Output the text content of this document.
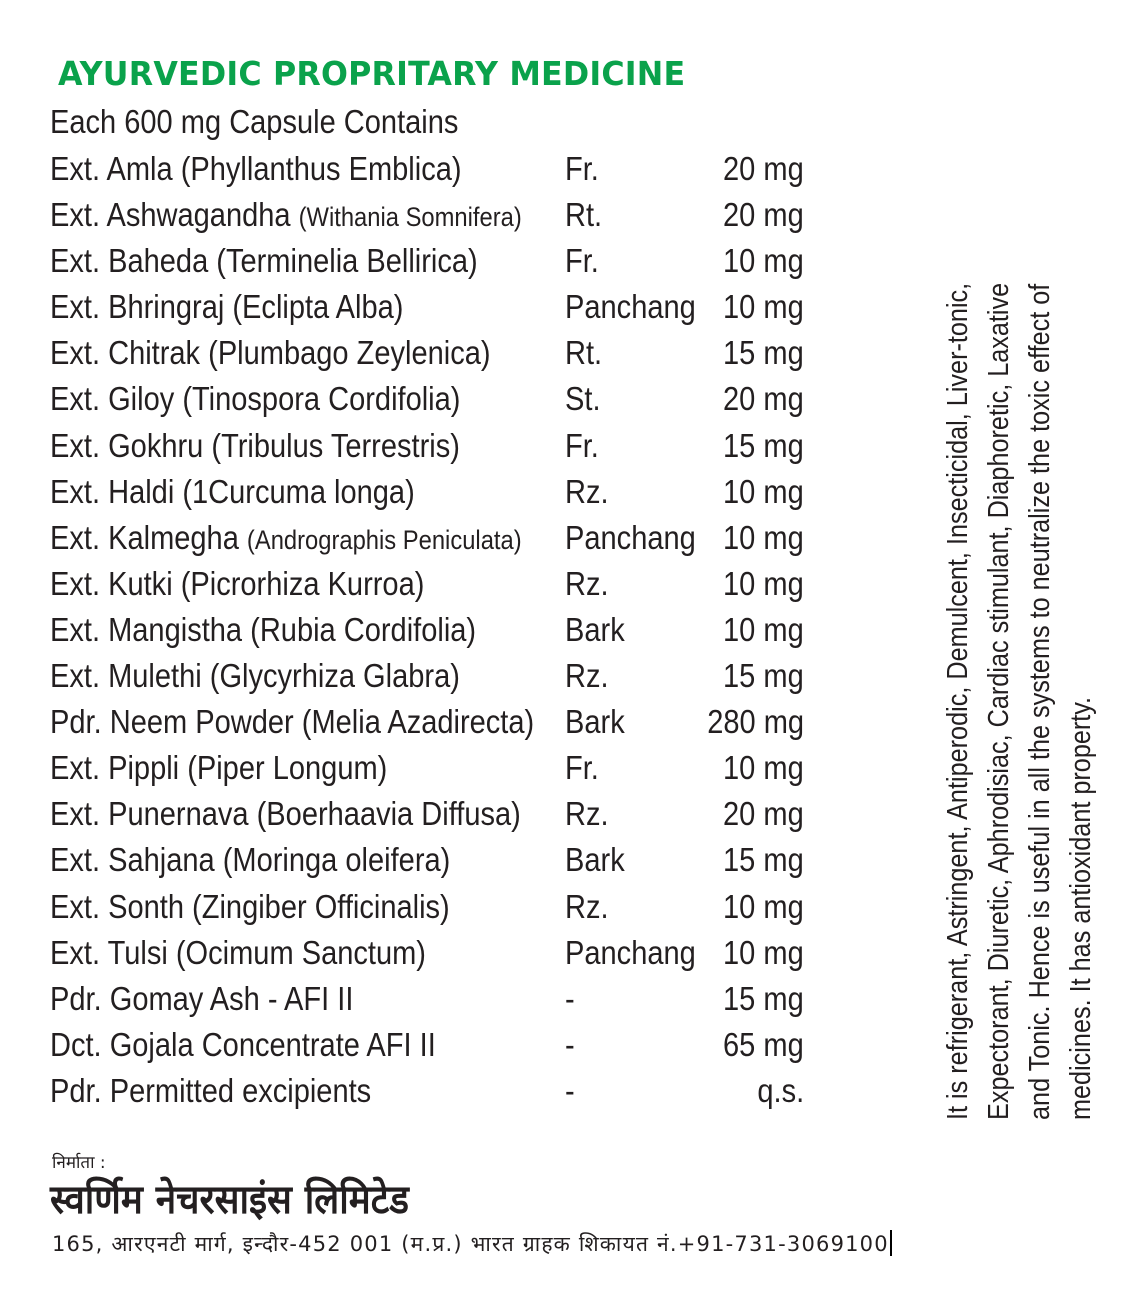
AYURVEDIC PROPRITARY MEDICINE
Each 600 mg Capsule Contains
Ext. Amla (Phyllanthus Emblica)	Fr.	20 mg
Ext. Ashwagandha (Withania Somnifera) Rt.	20 mg
Ext. Baheda (Terminelia Bellirica)	Fr.	10 mg
Ext. Bhringraj (Eclipta Alba)	Panchang 10 mg
Ext. Chitrak (Plumbago Zeylenica) Rt.	15 mg
Ext. Giloy (Tinospora Cordifolia)	St.	20 mg
Ext. Gokhru (Tribulus Terrestris)	Fr.	15 mg
Ext. Haldi (1Curcuma longa)	Rz.	10 mg
Ext. Kalmegha (Andrographis Peniculata) Panchang 10 mg
Ext. Kutki (Picrorhiza Kurroa)	Rz.	10 mg
Ext. Mangistha (Rubia Cordifolia)	Bark	10 mg
Ext. Mulethi (Glycyrhiza Glabra)	Rz.	15 mg
Pdr. Neem Powder (Melia Azadirecta) Bark 280 mg
Ext. Pippli (Piper Longum)	Fr.	10 mg
Ext. Punernava (Boerhaavia Diffusa) Rz.	20 mg
Ext. Sahjana (Moringa oleifera)	Bark	15 mg
Ext. Sonth (Zingiber Officinalis)	Rz.	10 mg
Ext. Tulsi (Ocimum Sanctum)	Panchang 10 mg
Pdr. Gomay Ash - AFI II	-	15 mg
Dct. Gojala Concentrate AFI II	-	65 mg
Pdr. Permitted excipients	-	q.s.	It is refrigerant, Astringent, Antiperodic, Demulcent, Insecticidal, Liver-tonic, Expectorant, Diuretic, Aphrodisiac, Cardiac stimulant, Diaphoretic, Laxative and Tonic. Hence is useful in all the systems to neutralize the toxic effect of medicines. It has antioxidant property.
निर्माता :
स्वर्णिम नेचरसाइंस लिमिटेड
165, आरएनटी मार्ग, इन्दौर-452 001 (म.प्र.) भारत ग्राहक शिकायत नं.+91-731-3069100
